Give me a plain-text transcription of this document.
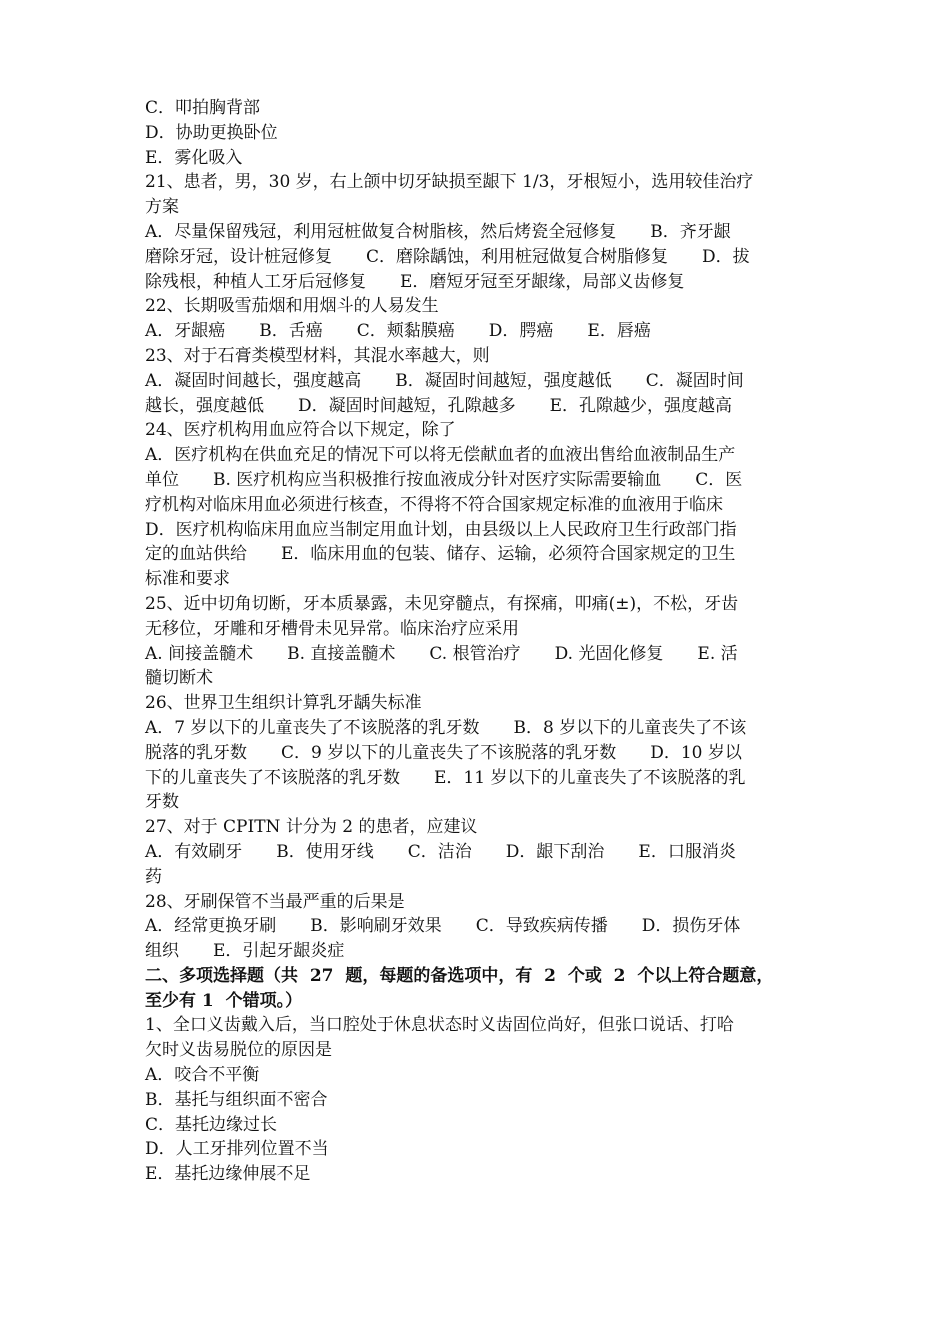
C．叩拍胸背部
D．协助更换卧位
E．雾化吸入
21、患者，男，30 岁，右上颌中切牙缺损至龈下 1/3，牙根短小，选用较佳治疗
方案
A．尽量保留残冠，利用冠桩做复合树脂核，然后烤瓷全冠修复　　B．齐牙龈
磨除牙冠，设计桩冠修复　　C．磨除龋蚀，利用桩冠做复合树脂修复　　D．拔
除残根，种植人工牙后冠修复　　E．磨短牙冠至牙龈缘，局部义齿修复
22、长期吸雪茄烟和用烟斗的人易发生
A．牙龈癌　　B．舌癌　　C．颊黏膜癌　　D．腭癌　　E．唇癌
23、对于石膏类模型材料，其混水率越大，则
A．凝固时间越长，强度越高　　B．凝固时间越短，强度越低　　C．凝固时间
越长，强度越低　　D．凝固时间越短，孔隙越多　　E．孔隙越少，强度越高
24、医疗机构用血应符合以下规定，除了
A．医疗机构在供血充足的情况下可以将无偿献血者的血液出售给血液制品生产
单位　　B. 医疗机构应当积极推行按血液成分针对医疗实际需要输血　　C．医
疗机构对临床用血必须进行核查，不得将不符合国家规定标准的血液用于临床
D．医疗机构临床用血应当制定用血计划，由县级以上人民政府卫生行政部门指
定的血站供给　　E．临床用血的包装、储存、运输，必须符合国家规定的卫生
标准和要求
25、近中切角切断，牙本质暴露，未见穿髓点，有探痛，叩痛(±)，不松，牙齿
无移位，牙雕和牙槽骨未见异常。临床治疗应采用
A. 间接盖髓术　　B. 直接盖髓术　　C. 根管治疗　　D. 光固化修复　　E. 活
髓切断术
26、世界卫生组织计算乳牙龋失标准
A．7 岁以下的儿童丧失了不该脱落的乳牙数　　B．8 岁以下的儿童丧失了不该
脱落的乳牙数　　C．9 岁以下的儿童丧失了不该脱落的乳牙数　　D．10 岁以
下的儿童丧失了不该脱落的乳牙数　　E．11 岁以下的儿童丧失了不该脱落的乳
牙数
27、对于 CPITN 计分为 2 的患者，应建议
A．有效刷牙　　B．使用牙线　　C．洁治　　D．龈下刮治　　E．口服消炎
药
28、牙刷保管不当最严重的后果是
A．经常更换牙刷　　B．影响刷牙效果　　C．导致疾病传播　　D．损伤牙体
组织　　E．引起牙龈炎症
二、多项选择题（共  27  题，每题的备选项中，有  2  个或  2  个以上符合题意，
至少有 1  个错项。）
1、全口义齿戴入后，当口腔处于休息状态时义齿固位尚好，但张口说话、打哈
欠时义齿易脱位的原因是
A．咬合不平衡
B．基托与组织面不密合
C．基托边缘过长
D．人工牙排列位置不当
E．基托边缘伸展不足
